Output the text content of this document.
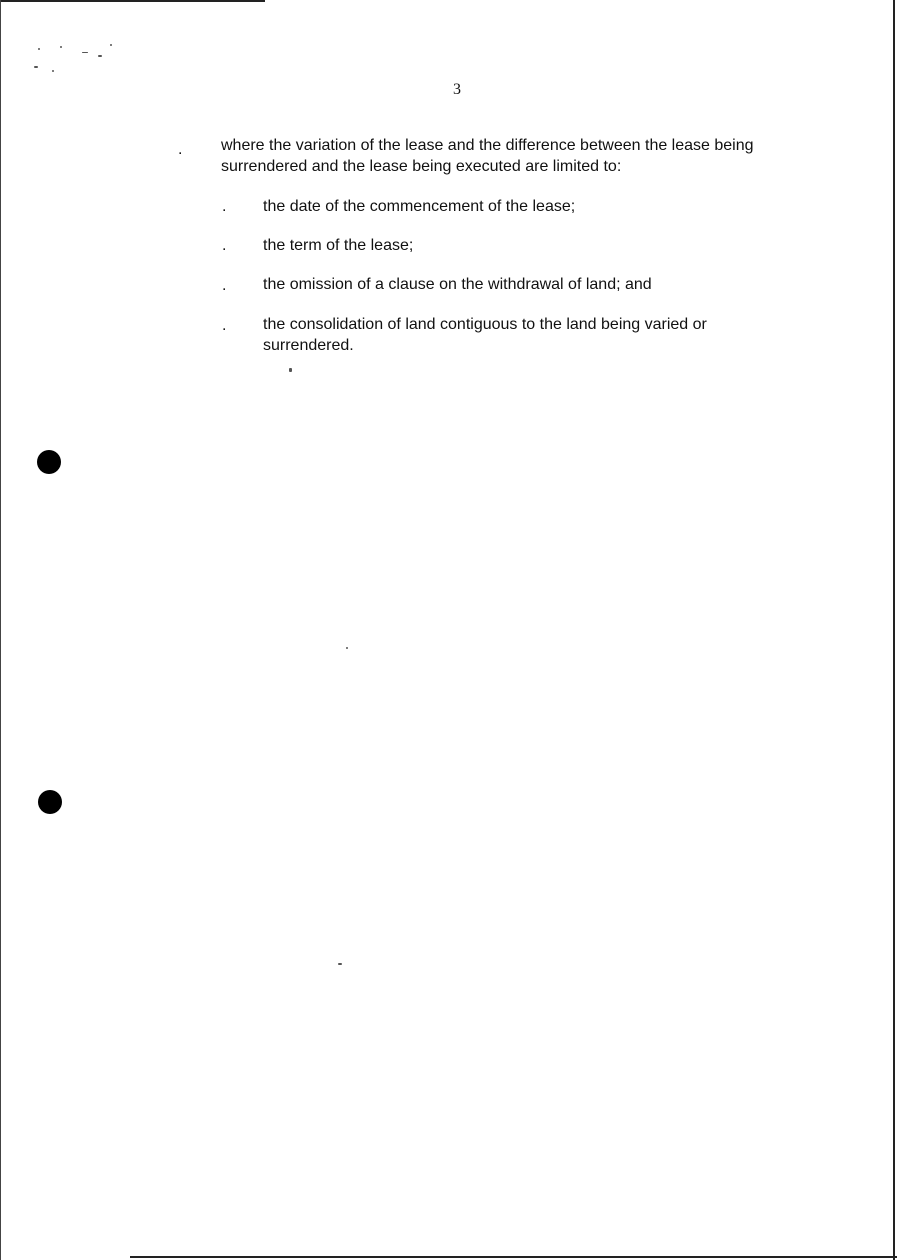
3
. where the variation of the lease and the difference between the lease being surrendered and the lease being executed are limited to:
. the date of the commencement of the lease;
. the term of the lease;
. the omission of a clause on the withdrawal of land; and
. the consolidation of land contiguous to the land being varied or surrendered.
